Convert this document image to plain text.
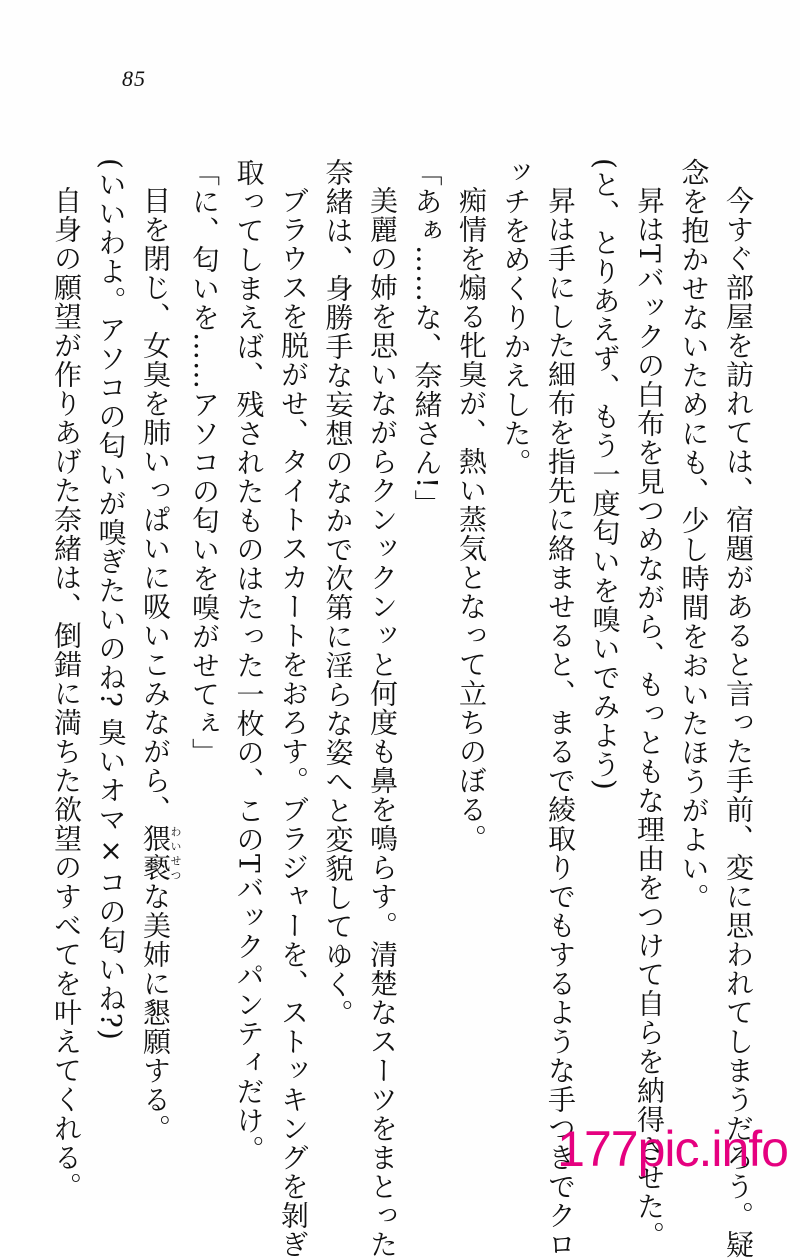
85
今すぐ部屋を訪れては、宿題があると言った手前、変に思われてしまうだろう。疑
念を抱かせないためにも、少し時間をおいたほうがよい。
昇はTバックの白布を見つめながら、もっともな理由をつけて自らを納得させた。
(と、とりあえず、もう一度匂いを嗅いでみよう)
昇は手にした細布を指先に絡ませると、まるで綾取りでもするような手つきでクロ
ッチをめくりかえした。
痴情を煽る牝臭が、熱い蒸気となって立ちのぼる。
「あぁ……な、奈緒さん!」
美麗の姉を思いながらクンックンッと何度も鼻を鳴らす。清楚なスーツをまとった
奈緒は、身勝手な妄想のなかで次第に淫らな姿へと変貌してゆく。
ブラウスを脱がせ、タイトスカートをおろす。ブラジャーを、ストッキングを剝ぎ
取ってしまえば、残されたものはたった一枚の、このTバックパンティだけ。
「に、匂いを……アソコの匂いを嗅がせてぇ」
目を閉じ、女臭を肺いっぱいに吸いこみながら、猥褻わいせつな美姉に懇願する。
(いいわよ。アソコの匂いが嗅ぎたいのね? 臭いオマ×コの匂いね?)
自身の願望が作りあげた奈緒は、倒錯に満ちた欲望のすべてを叶えてくれる。	177pic.info
